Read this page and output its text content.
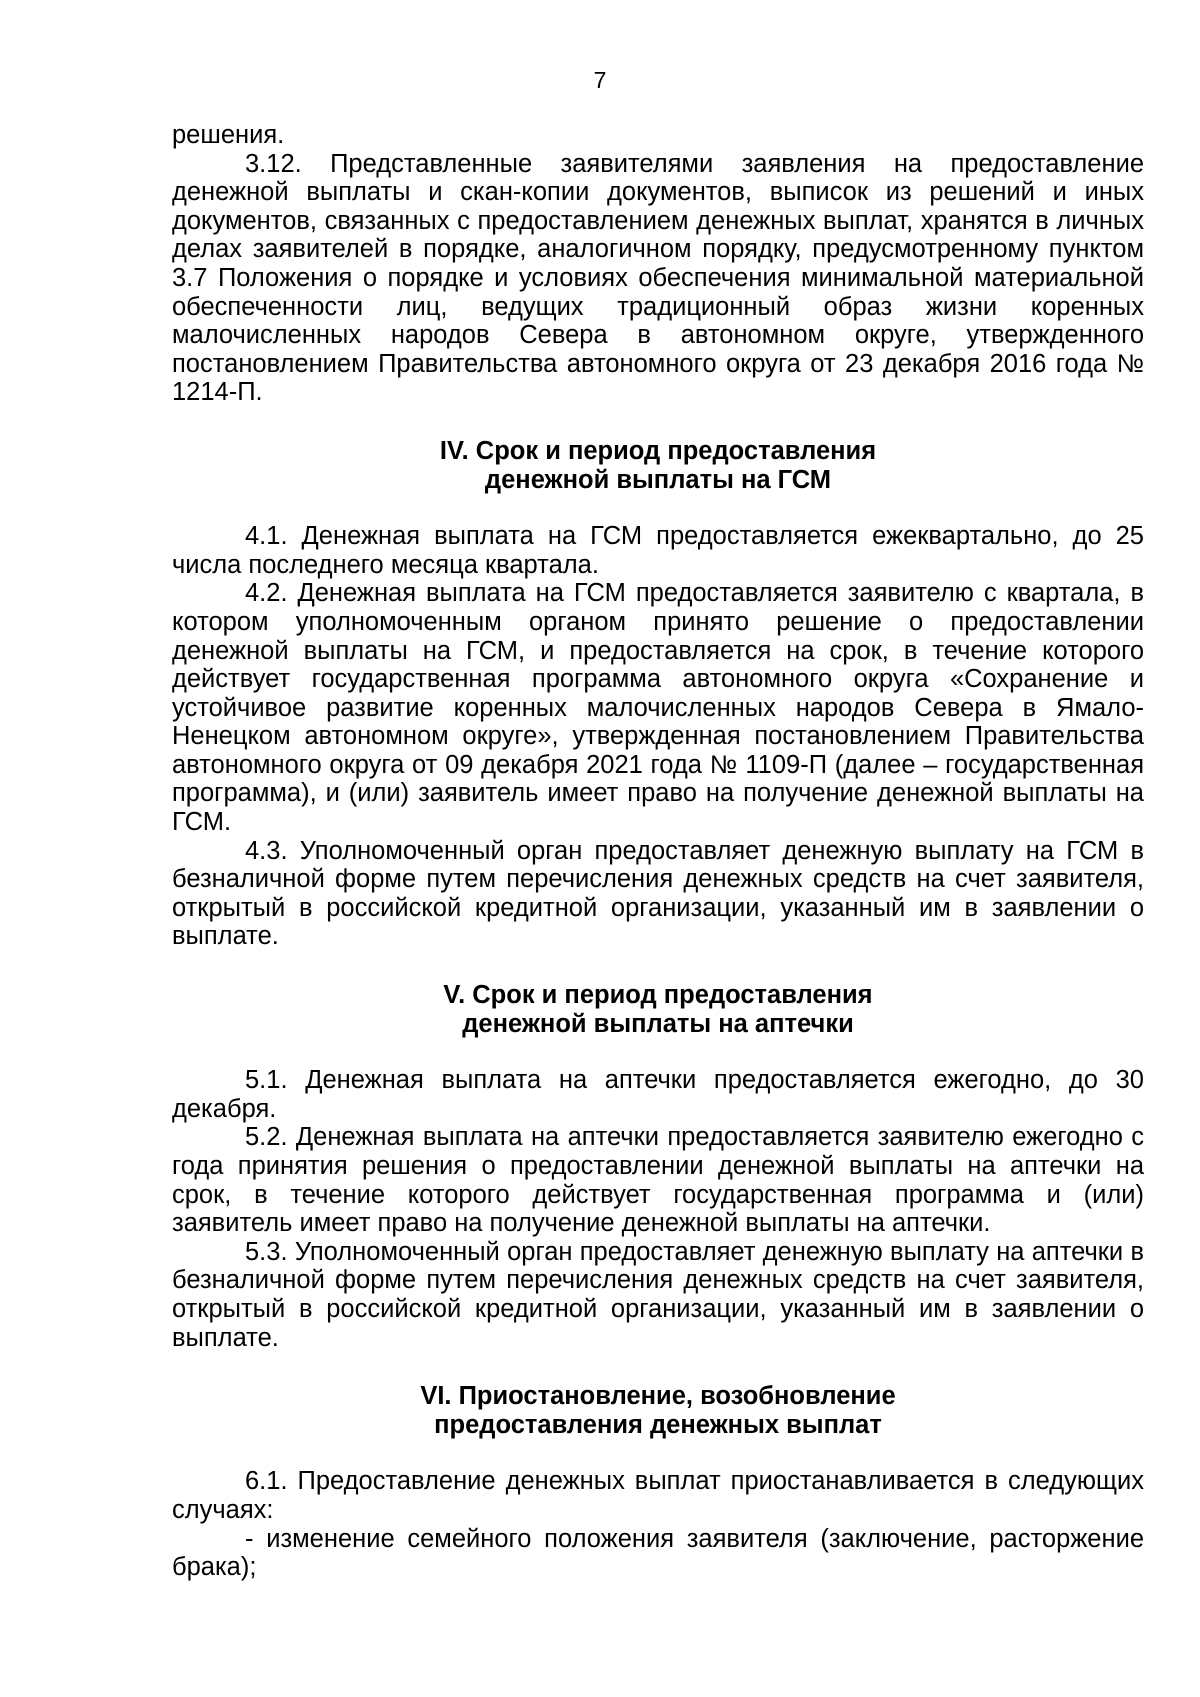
7

решения.

3.12. Представленные заявителями заявления на предоставление денежной выплаты и скан-копии документов, выписок из решений и иных документов, связанных с предоставлением денежных выплат, хранятся в личных делах заявителей в порядке, аналогичном порядку, предусмотренному пунктом 3.7 Положения о порядке и условиях обеспечения минимальной материальной обеспеченности лиц, ведущих традиционный образ жизни коренных малочисленных народов Севера в автономном округе, утвержденного постановлением Правительства автономного округа от 23 декабря 2016 года № 1214-П.

IV. Срок и период предоставления
денежной выплаты на ГСМ

4.1. Денежная выплата на ГСМ предоставляется ежеквартально, до 25 числа последнего месяца квартала.

4.2. Денежная выплата на ГСМ предоставляется заявителю с квартала, в котором уполномоченным органом принято решение о предоставлении денежной выплаты на ГСМ, и предоставляется на срок, в течение которого действует государственная программа автономного округа «Сохранение и устойчивое развитие коренных малочисленных народов Севера в Ямало-Ненецком автономном округе», утвержденная постановлением Правительства автономного округа от 09 декабря 2021 года № 1109-П (далее – государственная программа), и (или) заявитель имеет право на получение денежной выплаты на ГСМ.

4.3. Уполномоченный орган предоставляет денежную выплату на ГСМ в безналичной форме путем перечисления денежных средств на счет заявителя, открытый в российской кредитной организации, указанный им в заявлении о выплате.

V. Срок и период предоставления
денежной выплаты на аптечки

5.1. Денежная выплата на аптечки предоставляется ежегодно, до 30 декабря.

5.2. Денежная выплата на аптечки предоставляется заявителю ежегодно с года принятия решения о предоставлении денежной выплаты на аптечки на срок, в течение которого действует государственная программа и (или) заявитель имеет право на получение денежной выплаты на аптечки.

5.3. Уполномоченный орган предоставляет денежную выплату на аптечки в безналичной форме путем перечисления денежных средств на счет заявителя, открытый в российской кредитной организации, указанный им в заявлении о выплате.

VI. Приостановление, возобновление
предоставления денежных выплат

6.1. Предоставление денежных выплат приостанавливается в следующих случаях:

- изменение семейного положения заявителя (заключение, расторжение брака);
